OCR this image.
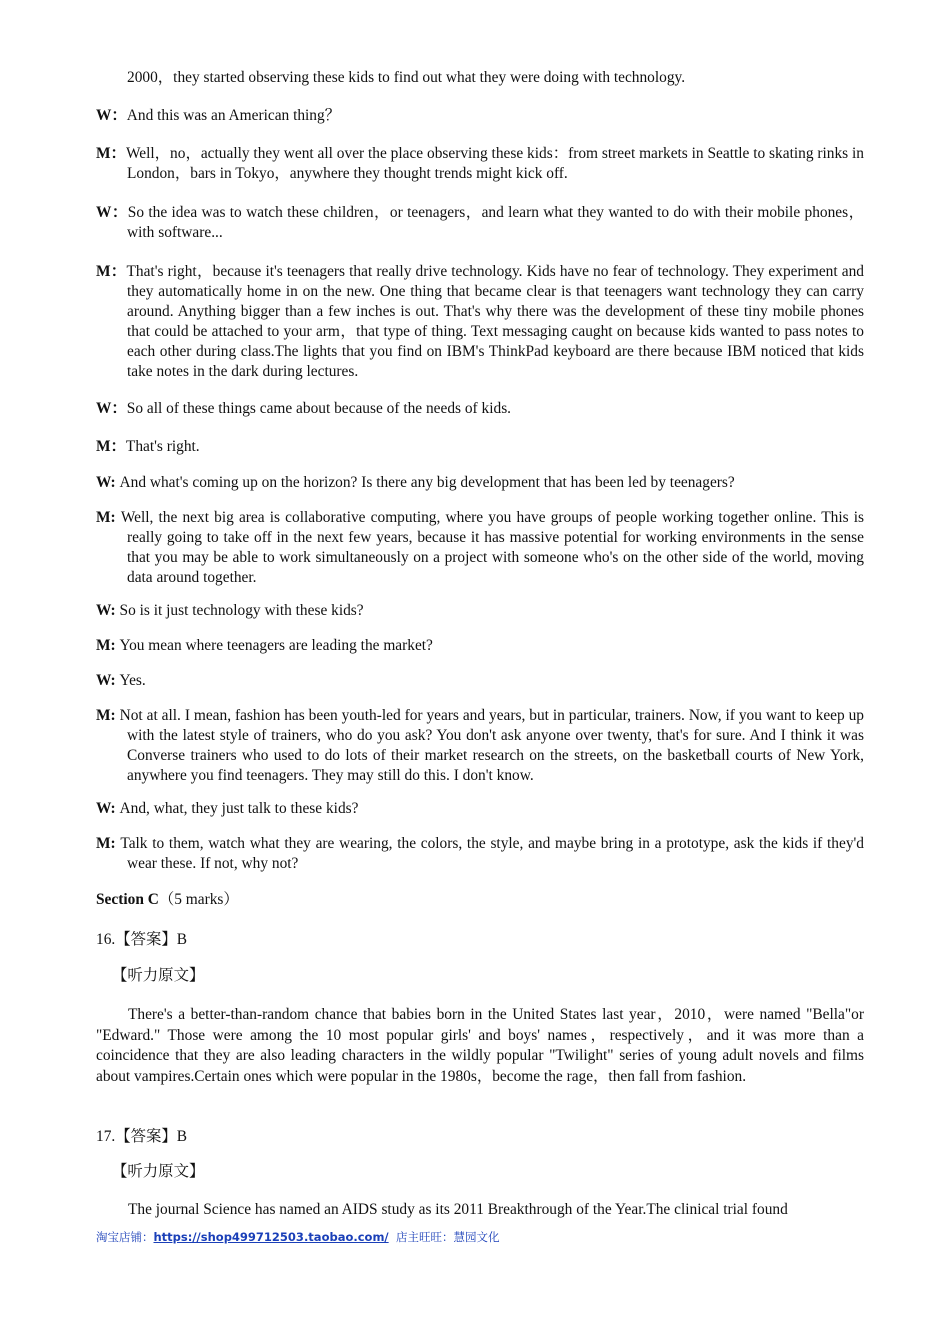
2000，they started observing these kids to find out what they were doing with technology.
W：And this was an American thing？
M：Well，no，actually they went all over the place observing these kids：from street markets in Seattle to skating rinks in London，bars in Tokyo，anywhere they thought trends might kick off.
W：So the idea was to watch these children，or teenagers，and learn what they wanted to do with their mobile phones，with software...
M：That's right，because it's teenagers that really drive technology. Kids have no fear of technology. They experiment and they automatically home in on the new. One thing that became clear is that teenagers want technology they can carry around. Anything bigger than a few inches is out. That's why there was the development of these tiny mobile phones that could be attached to your arm，that type of thing. Text messaging caught on because kids wanted to pass notes to each other during class.The lights that you find on IBM's ThinkPad keyboard are there because IBM noticed that kids take notes in the dark during lectures.
W：So all of these things came about because of the needs of kids.
M：That's right.
W: And what's coming up on the horizon? Is there any big development that has been led by teenagers?
M: Well, the next big area is collaborative computing, where you have groups of people working together online. This is really going to take off in the next few years, because it has massive potential for working environments in the sense that you may be able to work simultaneously on a project with someone who's on the other side of the world, moving data around together.
W: So is it just technology with these kids?
M: You mean where teenagers are leading the market?
W: Yes.
M: Not at all. I mean, fashion has been youth-led for years and years, but in particular, trainers. Now, if you want to keep up with the latest style of trainers, who do you ask? You don't ask anyone over twenty, that's for sure. And I think it was Converse trainers who used to do lots of their market research on the streets, on the basketball courts of New York, anywhere you find teenagers. They may still do this. I don't know.
W: And, what, they just talk to these kids?
M: Talk to them, watch what they are wearing, the colors, the style, and maybe bring in a prototype, ask the kids if they'd wear these. If not, why not?
Section C（5 marks）
16.【答案】B
【听力原文】
There's a better-than-random chance that babies born in the United States last year，2010，were named "Bella"or "Edward." Those were among the 10 most popular girls' and boys' names，respectively，and it was more than a coincidence that they are also leading characters in the wildly popular "Twilight" series of young adult novels and films about vampires.Certain ones which were popular in the 1980s，become the rage，then fall from fashion.
17.【答案】B
【听力原文】
The journal Science has named an AIDS study as its 2011 Breakthrough of the Year.The clinical trial found
淘宝店铺：https://shop499712503.taobao.com/ 店主旺旺：慧园文化
